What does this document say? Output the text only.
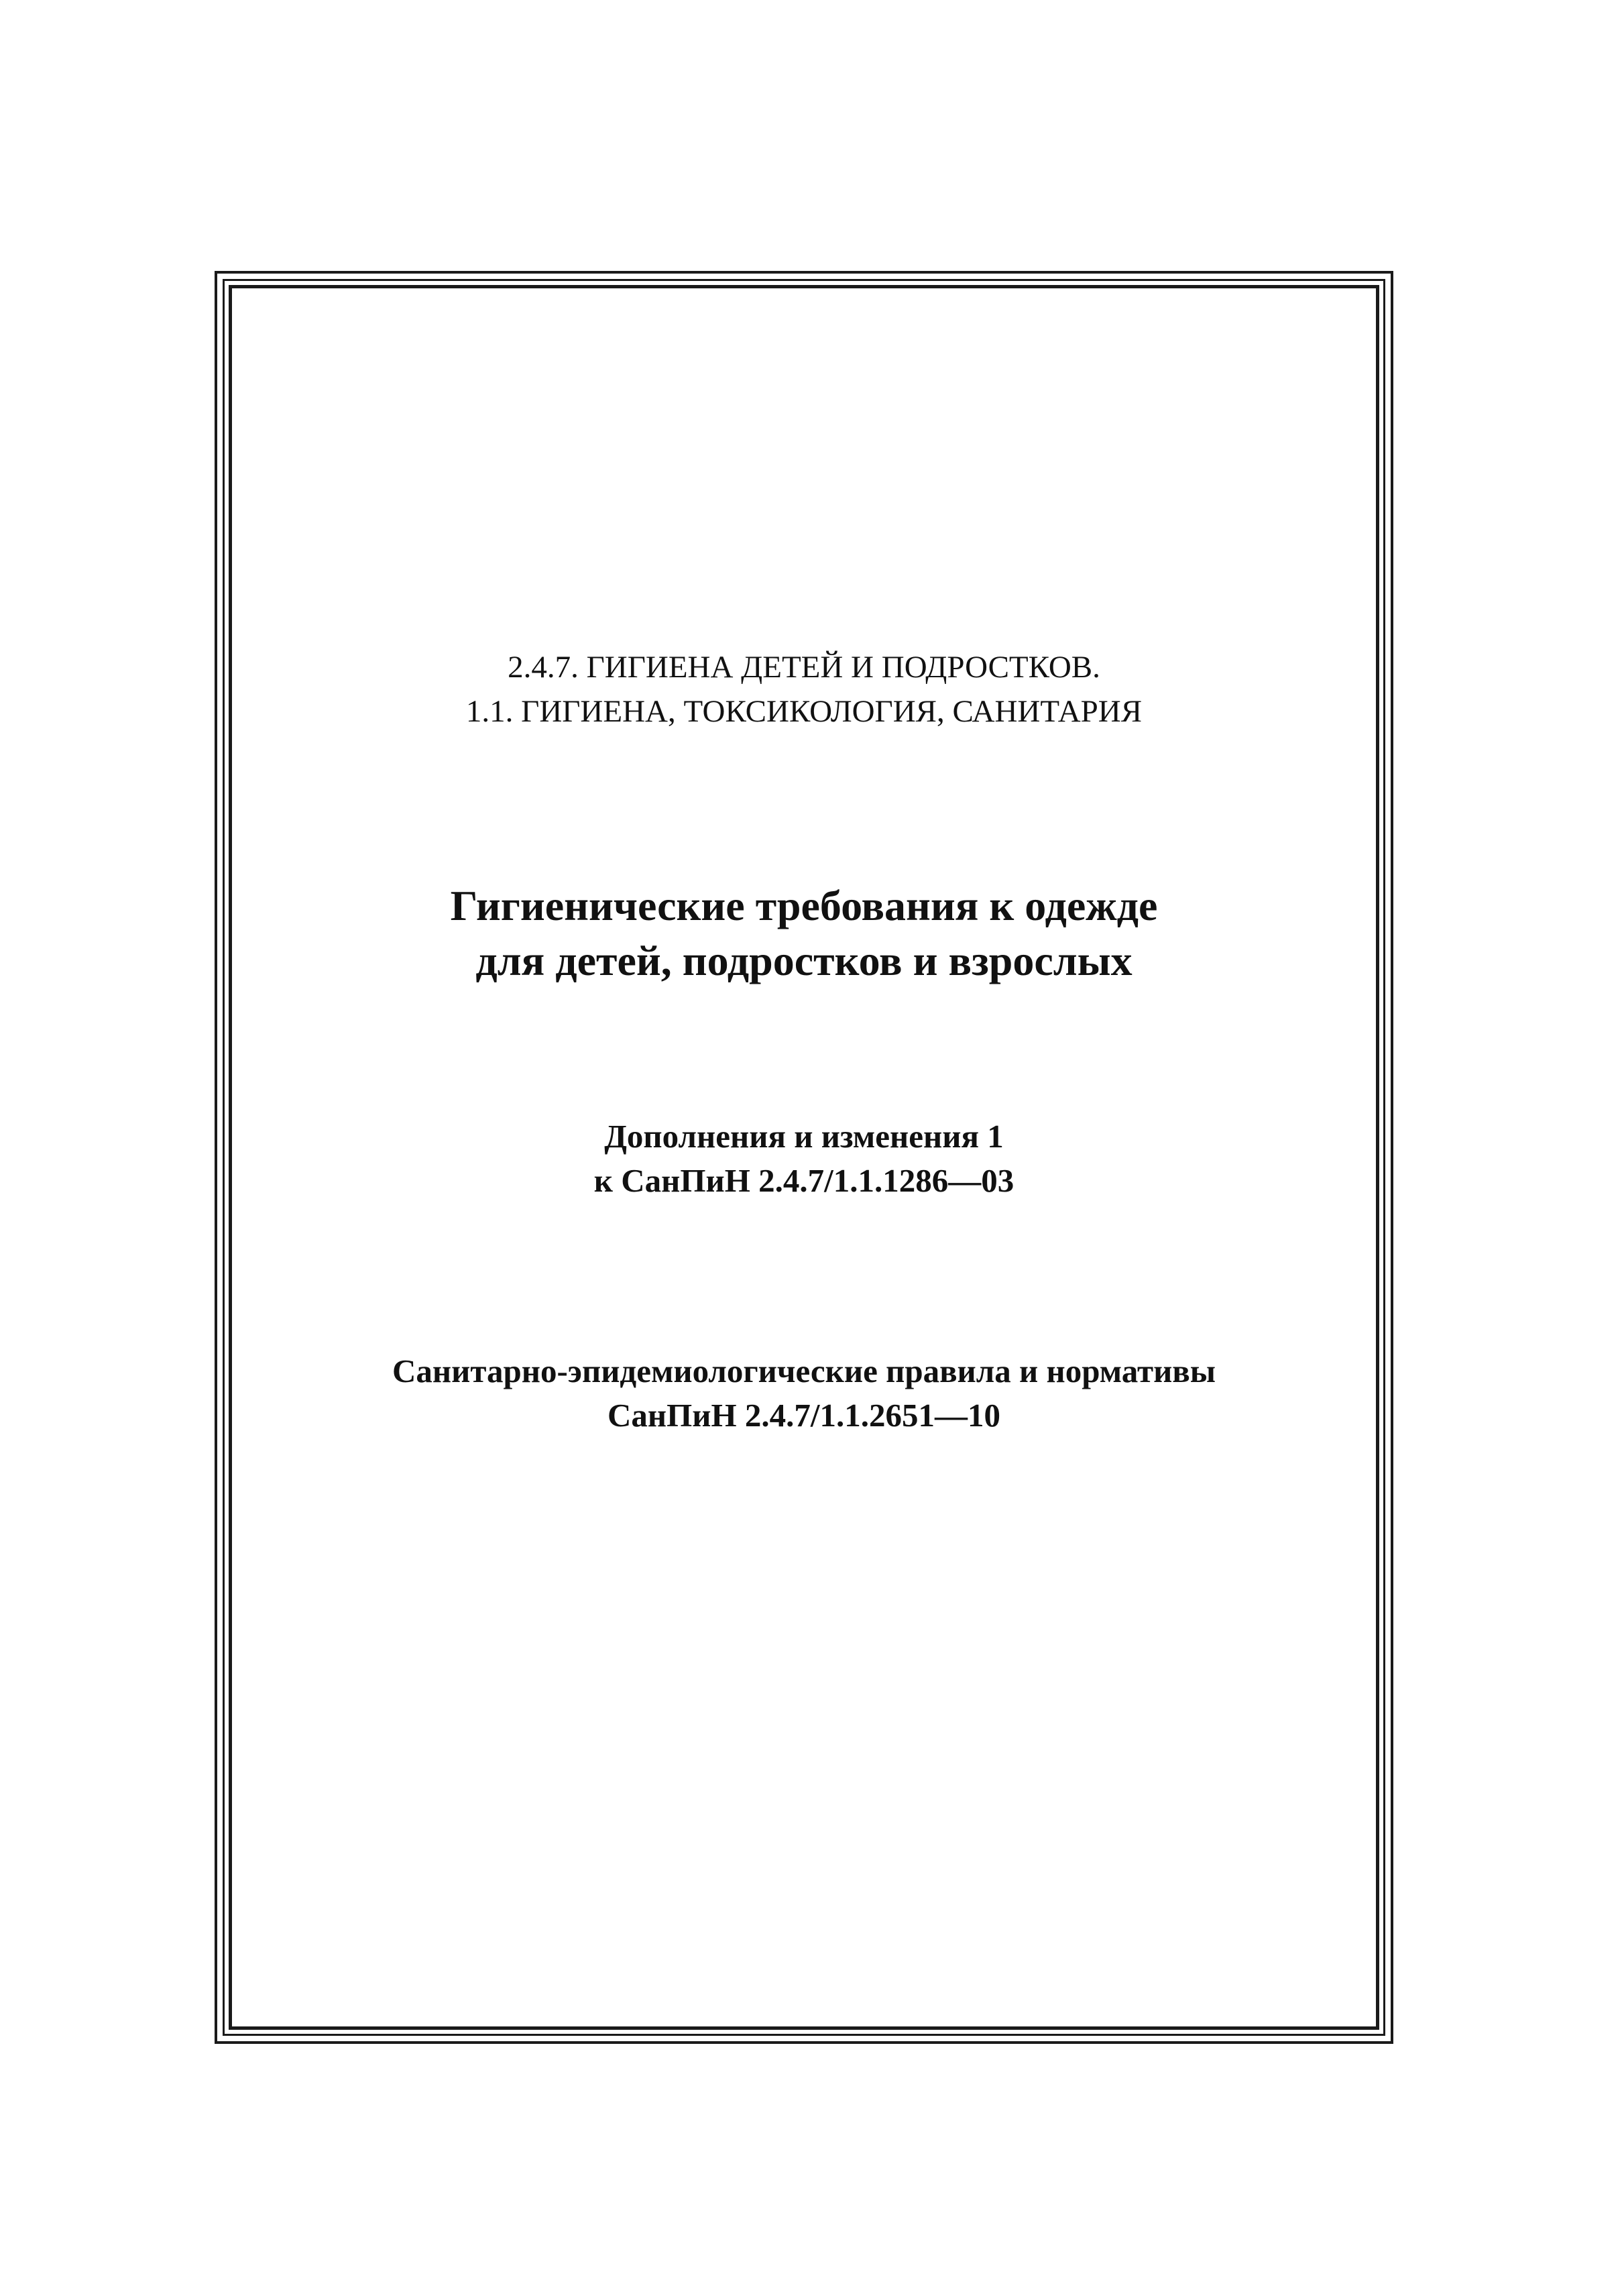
2.4.7. ГИГИЕНА ДЕТЕЙ И ПОДРОСТКОВ.
1.1. ГИГИЕНА, ТОКСИКОЛОГИЯ, САНИТАРИЯ
Гигиенические требования к одежде
для детей, подростков и взрослых
Дополнения и изменения 1
к СанПиН 2.4.7/1.1.1286—03
Санитарно-эпидемиологические правила и нормативы
СанПиН 2.4.7/1.1.2651—10
